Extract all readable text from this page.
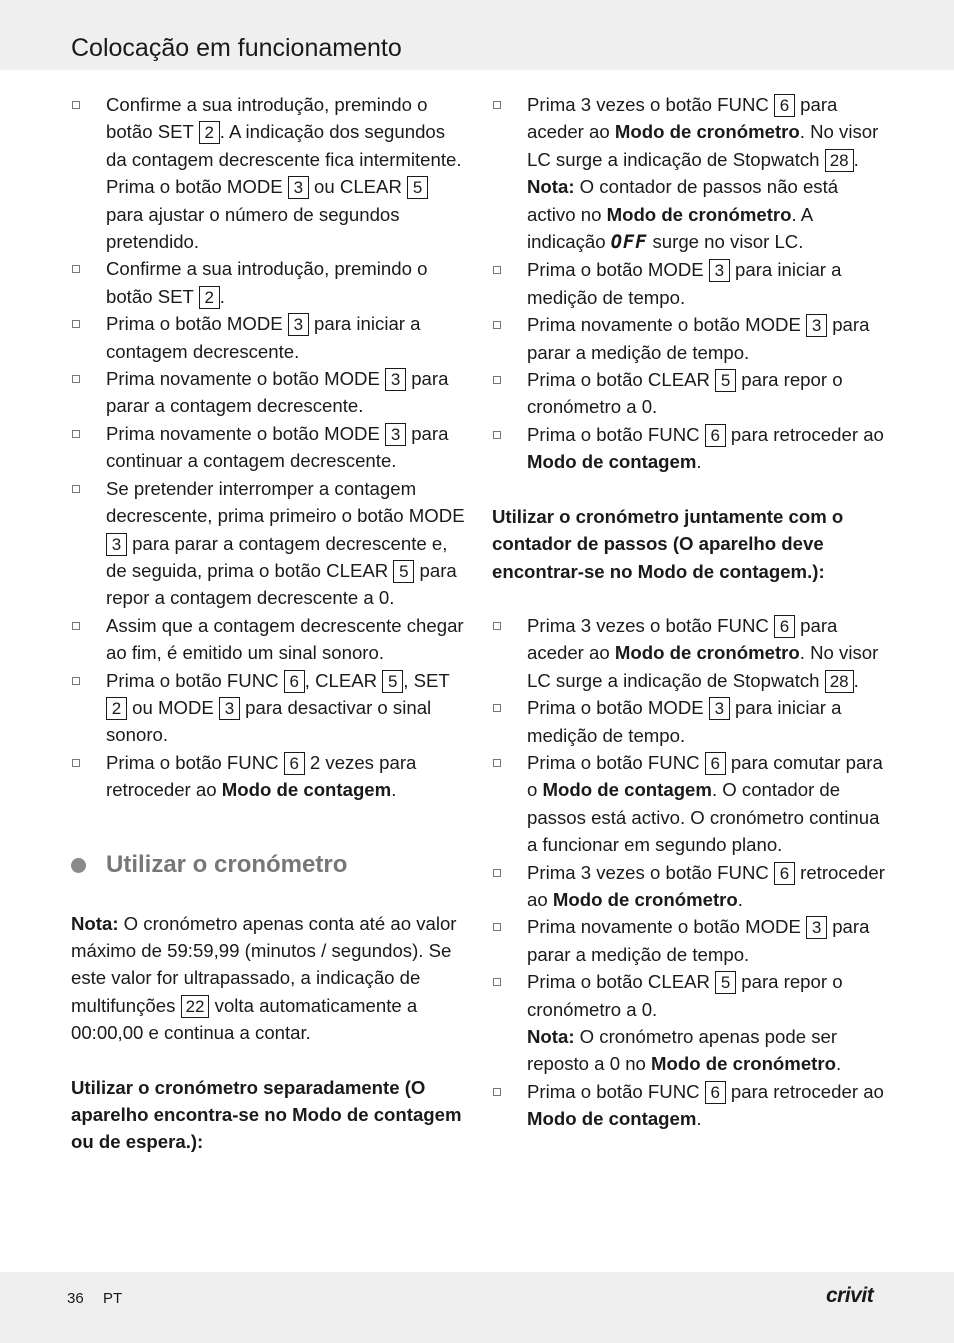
Colocação em funcionamento
Confirme a sua introdução, premindo o botão SET 2 . A indicação dos segundos da contagem decrescente fica intermitente. Prima o botão MODE 3 ou CLEAR 5 para ajustar o número de segundos pretendido.
Confirme a sua introdução, premindo o botão SET 2 .
Prima o botão MODE 3 para iniciar a contagem decrescente.
Prima novamente o botão MODE 3 para parar a contagem decrescente.
Prima novamente o botão MODE 3 para continuar a contagem decrescente.
Se pretender interromper a contagem decrescente, prima primeiro o botão MODE 3 para parar a contagem decrescente e, de seguida, prima o botão CLEAR 5 para repor a contagem decrescente a 0.
Assim que a contagem decrescente chegar ao fim, é emitido um sinal sonoro.
Prima o botão FUNC 6 , CLEAR 5 , SET 2 ou MODE 3 para desactivar o sinal sonoro.
Prima o botão FUNC 6 2 vezes para retroceder ao Modo de contagem.
Utilizar o cronómetro

Nota: O cronómetro apenas conta até ao valor máximo de 59:59,99 (minutos / segundos). Se este valor for ultrapassado, a indicação de multifunções 22 volta automaticamente a 00:00,00 e continua a contar.

Utilizar o cronómetro separadamente (O aparelho encontra-se no Modo de contagem ou de espera.):

Prima 3 vezes o botão FUNC 6 para aceder ao Modo de cronómetro. No visor LC surge a indicação de Stopwatch 28 .
Nota: O contador de passos não está activo no Modo de cronómetro. A indicação OFF surge no visor LC.
Prima o botão MODE 3 para iniciar a medição de tempo.
Prima novamente o botão MODE 3 para parar a medição de tempo.
Prima o botão CLEAR 5 para repor o cronómetro a 0.
Prima o botão FUNC 6 para retroceder ao Modo de contagem.

Utilizar o cronómetro juntamente com o contador de passos (O aparelho deve encontrar-se no Modo de contagem.):

Prima 3 vezes o botão FUNC 6 para aceder ao Modo de cronómetro. No visor LC surge a indicação de Stopwatch 28 .
Prima o botão MODE 3 para iniciar a medição de tempo.
Prima o botão FUNC 6 para comutar para o Modo de contagem. O contador de passos está activo. O cronómetro continua a funcionar em segundo plano.
Prima 3 vezes o botão FUNC 6 retroceder ao Modo de cronómetro.
Prima novamente o botão MODE 3 para parar a medição de tempo.
Prima o botão CLEAR 5 para repor o cronómetro a 0.
Nota: O cronómetro apenas pode ser reposto a 0 no Modo de cronómetro.
Prima o botão FUNC 6 para retroceder ao Modo de contagem.
36 PT	crivit
